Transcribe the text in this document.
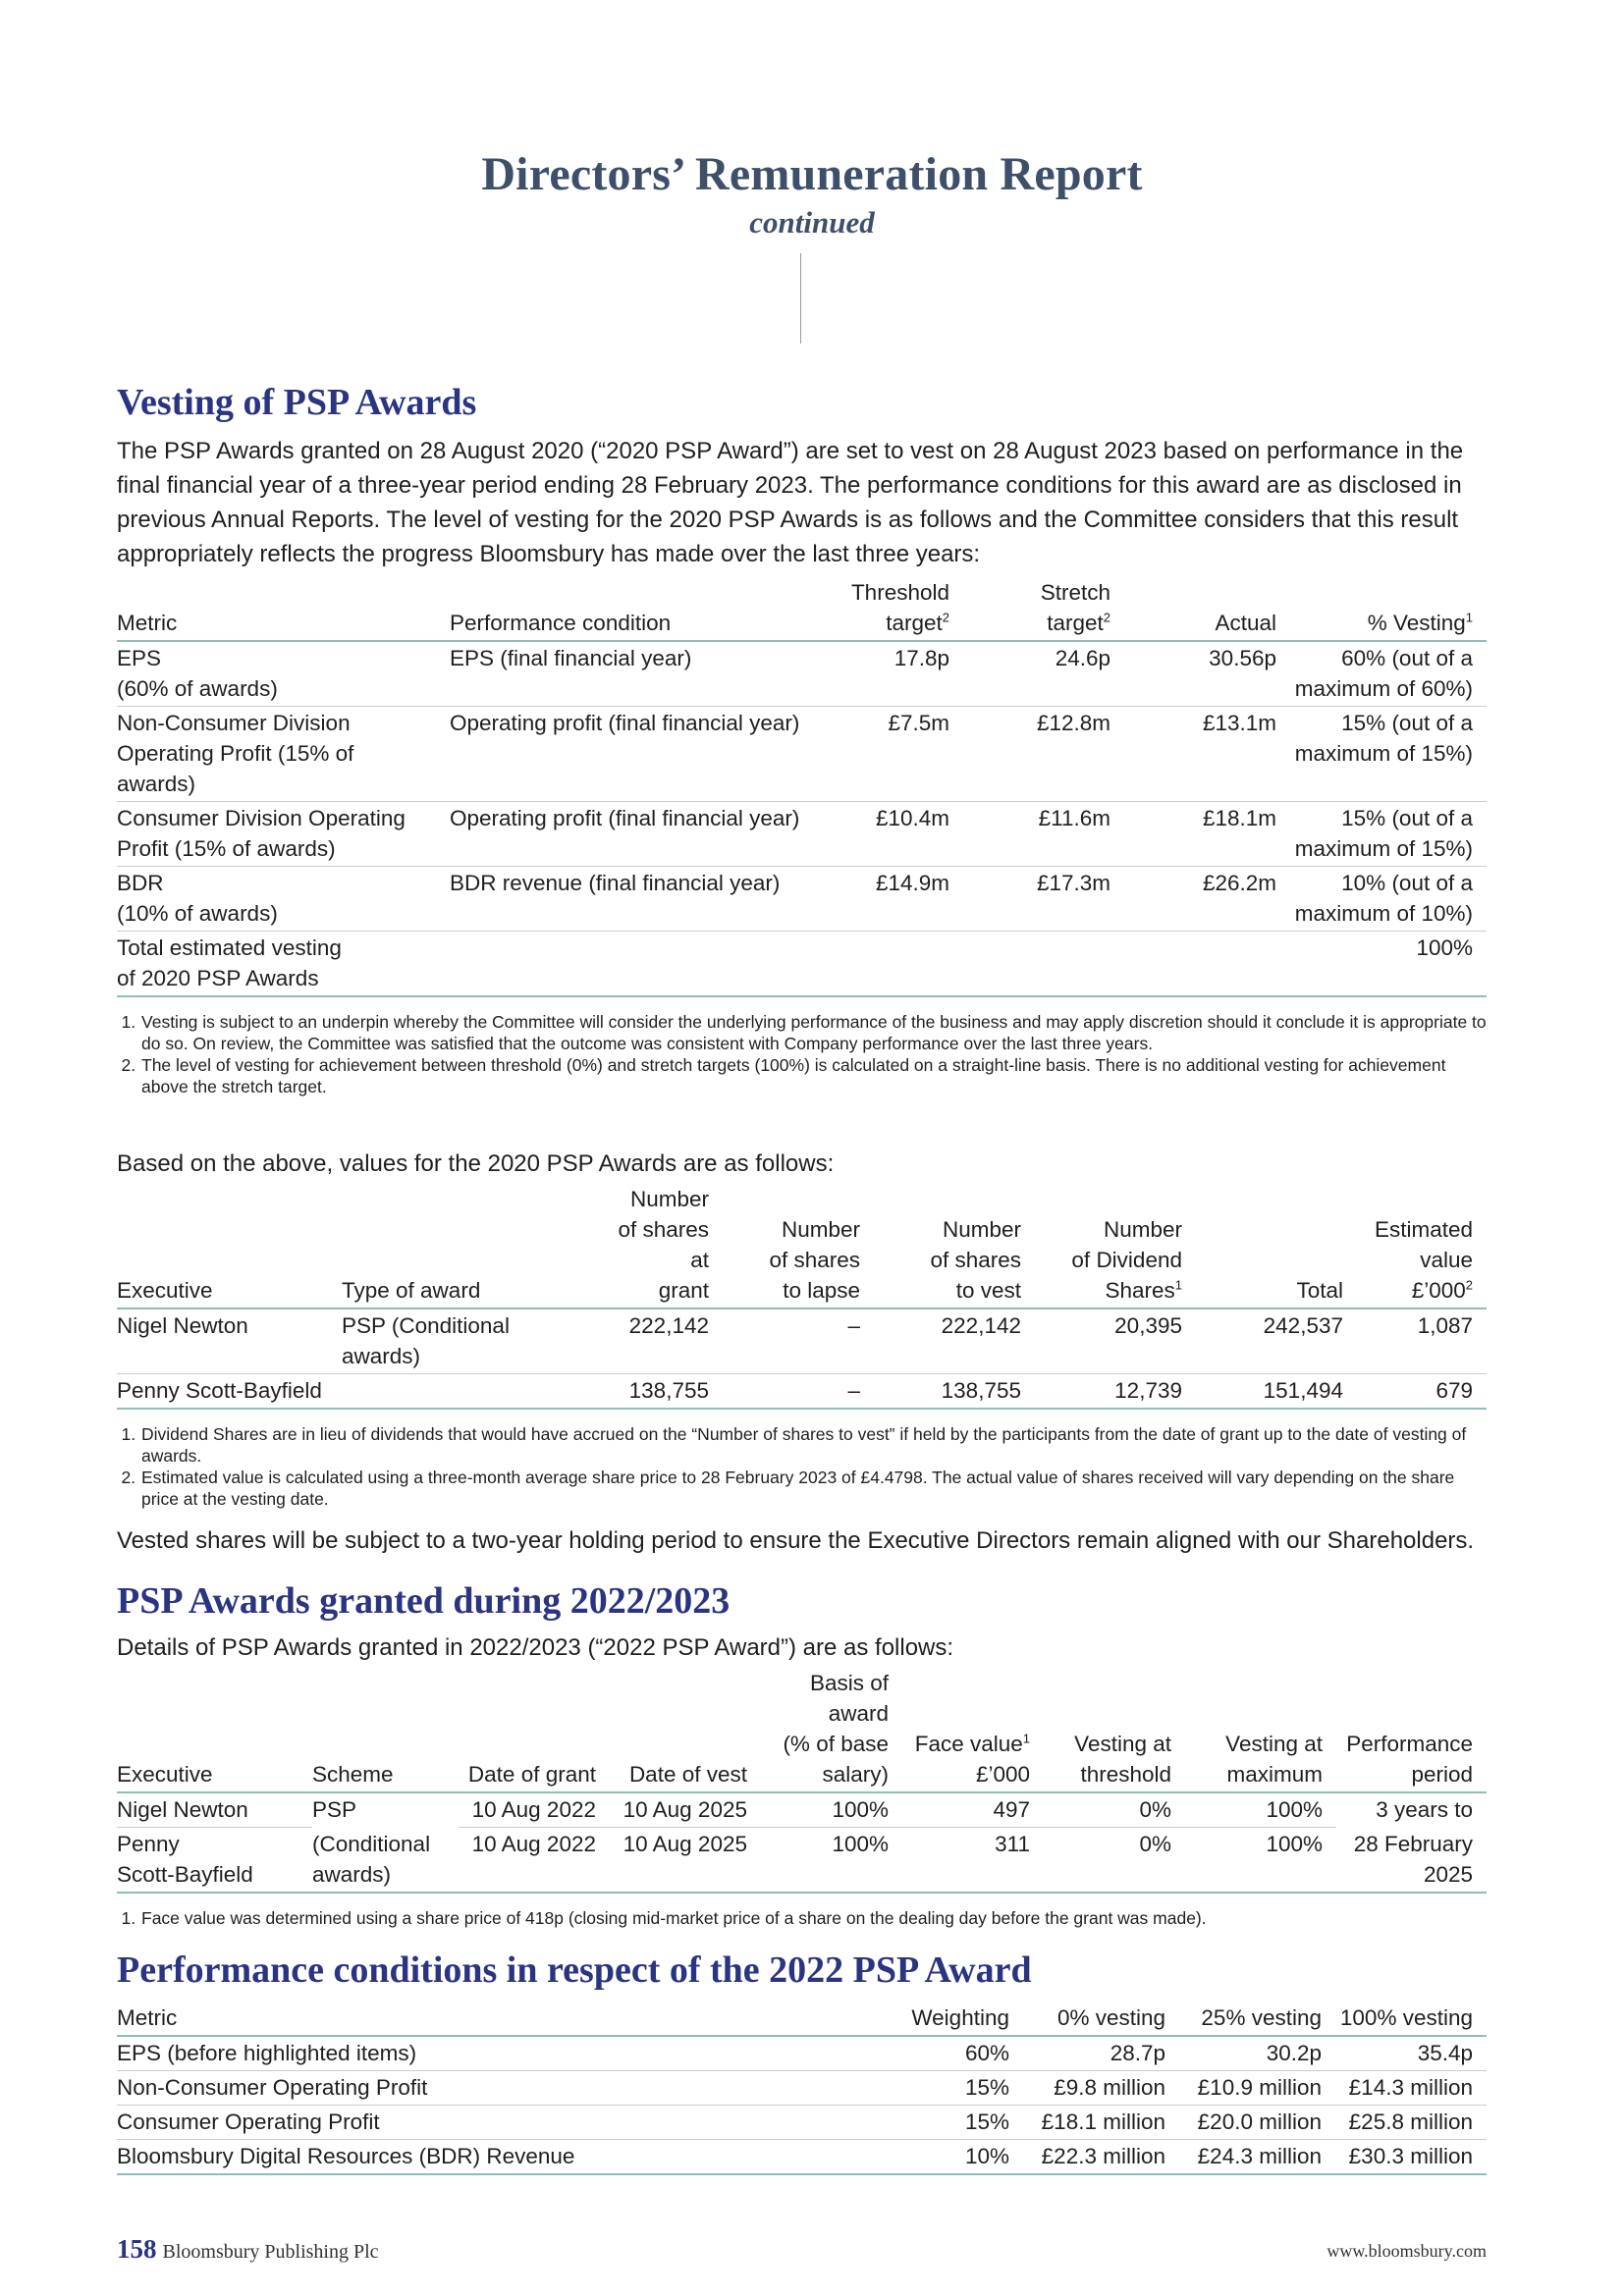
Directors’ Remuneration Report
continued
Vesting of PSP Awards

The PSP Awards granted on 28 August 2020 (“2020 PSP Award”) are set to vest on 28 August 2023 based on performance in the final financial year of a three-year period ending 28 February 2023. The performance conditions for this award are as disclosed in previous Annual Reports. The level of vesting for the 2020 PSP Awards is as follows and the Committee considers that this result appropriately reflects the progress Bloomsbury has made over the last three years:

Metric	Performance condition	Threshold
target$^2$	Stretch
target$^2$	Actual	% Vesting$^1$
EPS
(60% of awards)	EPS (final financial year)	17.8p	24.6p	30.56p	60% (out of a
maximum of 60%)
Non-Consumer Division
Operating Profit (15% of awards)	Operating profit (final financial year)	£7.5m	£12.8m	£13.1m	15% (out of a
maximum of 15%)
Consumer Division Operating
Profit (15% of awards)	Operating profit (final financial year)	£10.4m	£11.6m	£18.1m	15% (out of a
maximum of 15%)
BDR
(10% of awards)	BDR revenue (final financial year)	£14.9m	£17.3m	£26.2m	10% (out of a
maximum of 10%)
Total estimated vesting
of 2020 PSP Awards					100%
1. Vesting is subject to an underpin whereby the Committee will consider the underlying performance of the business and may apply discretion should it conclude it is appropriate to do so. On review, the Committee was satisfied that the outcome was consistent with Company performance over the last three years.
2. The level of vesting for achievement between threshold (0%) and stretch targets (100%) is calculated on a straight-line basis. There is no additional vesting for achievement above the stretch target.

Based on the above, values for the 2020 PSP Awards are as follows:

Executive	Type of award	Number
of shares at
grant	Number
of shares
to lapse	Number
of shares
to vest	Number
of Dividend
Shares$^1$	Total	Estimated
value
$£’000^2$
Nigel Newton	PSP (Conditional awards)	222,142	–	222,142	20,395	242,537	1,087
Penny Scott-Bayfield		138,755	–	138,755	12,739	151,494	679
1. Dividend Shares are in lieu of dividends that would have accrued on the “Number of shares to vest” if held by the participants from the date of grant up to the date of vesting of awards.
2. Estimated value is calculated using a three-month average share price to 28 February 2023 of £4.4798. The actual value of shares received will vary depending on the share price at the vesting date.

Vested shares will be subject to a two-year holding period to ensure the Executive Directors remain aligned with our Shareholders.

PSP Awards granted during 2022/2023

Details of PSP Awards granted in 2022/2023 (“2022 PSP Award”) are as follows:

Executive	Scheme	Date of grant	Date of vest	Basis of
award
(% of base
salary)	Face value$^1$
£’000	Vesting at
threshold	Vesting at
maximum	Performance
period
Nigel Newton	PSP	10 Aug 2022	10 Aug 2025	100%	497	0%	100%	3 years to
Penny
Scott-Bayfield	(Conditional
awards)	10 Aug 2022	10 Aug 2025	100%	311	0%	100%	28 February
2025
1. Face value was determined using a share price of 418p (closing mid-market price of a share on the dealing day before the grant was made).
Performance conditions in respect of the 2022 PSP Award
Metric	Weighting	0% vesting	25% vesting	100% vesting
EPS (before highlighted items)	60%	28.7p	30.2p	35.4p
Non-Consumer Operating Profit	15%	£9.8 million	£10.9 million	£14.3 million
Consumer Operating Profit	15%	£18.1 million	£20.0 million	£25.8 million
Bloomsbury Digital Resources (BDR) Revenue	10%	£22.3 million	£24.3 million	£30.3 million
158 Bloomsbury Publishing Plc	www.bloomsbury.com
